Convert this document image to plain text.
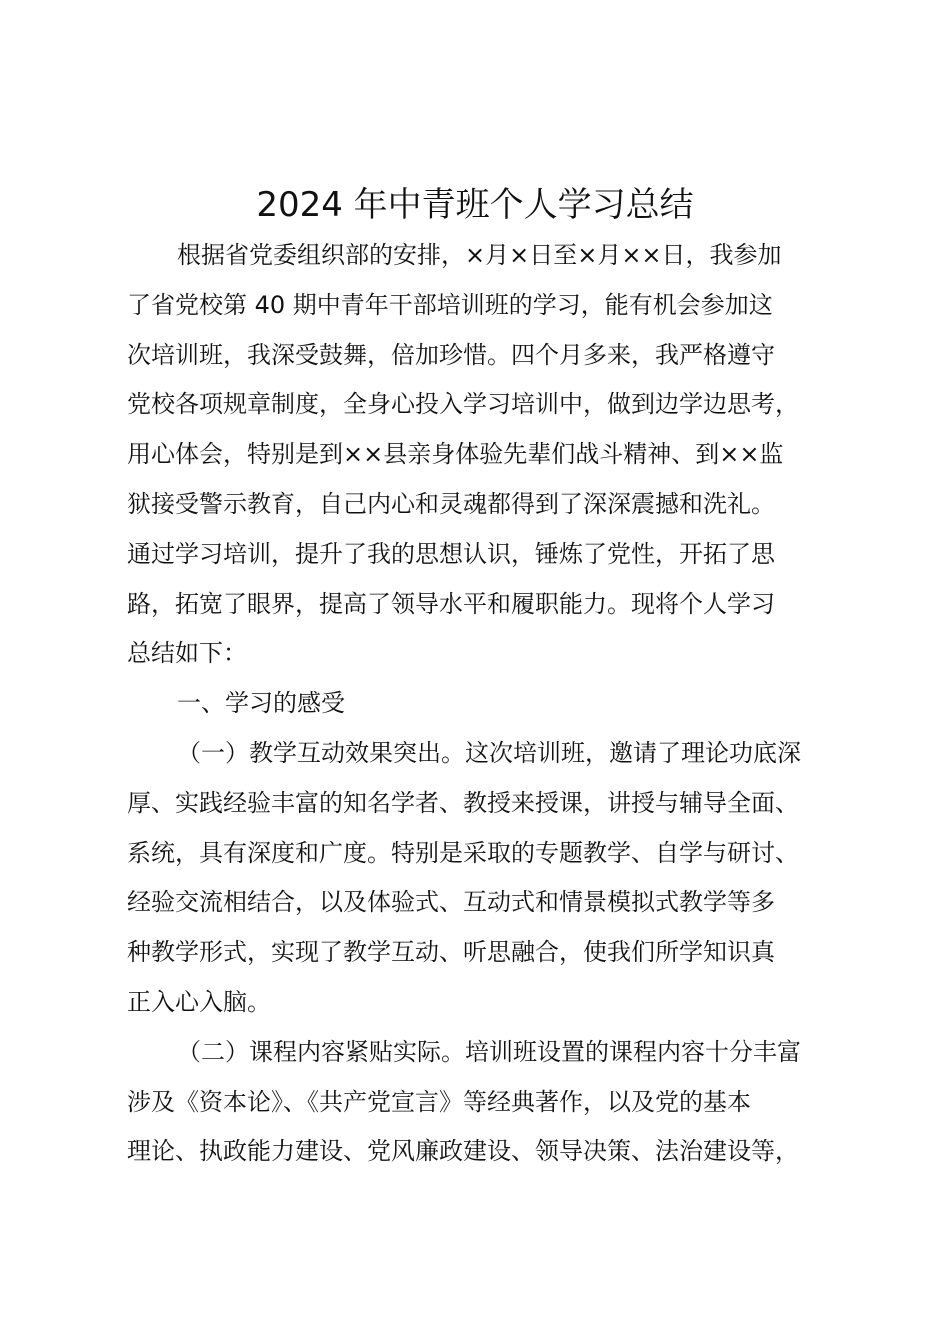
2024 年中青班个人学习总结
根据省党委组织部的安排，×月×日至×月××日，我参加
了省党校第 40 期中青年干部培训班的学习，能有机会参加这
次培训班，我深受鼓舞，倍加珍惜。四个月多来，我严格遵守
党校各项规章制度，全身心投入学习培训中，做到边学边思考，
用心体会，特别是到××县亲身体验先辈们战斗精神、到××监
狱接受警示教育，自己内心和灵魂都得到了深深震撼和洗礼。
通过学习培训，提升了我的思想认识，锤炼了党性，开拓了思
路，拓宽了眼界，提高了领导水平和履职能力。现将个人学习
总结如下：
一、学习的感受
（一）教学互动效果突出。这次培训班，邀请了理论功底深
厚、实践经验丰富的知名学者、教授来授课，讲授与辅导全面、
系统，具有深度和广度。特别是采取的专题教学、自学与研讨、
经验交流相结合，以及体验式、互动式和情景模拟式教学等多
种教学形式，实现了教学互动、听思融合，使我们所学知识真
正入心入脑。
（二）课程内容紧贴实际。培训班设置的课程内容十分丰富
涉及《资本论》、《共产党宣言》等经典著作，以及党的基本
理论、执政能力建设、党风廉政建设、领导决策、法治建设等，
